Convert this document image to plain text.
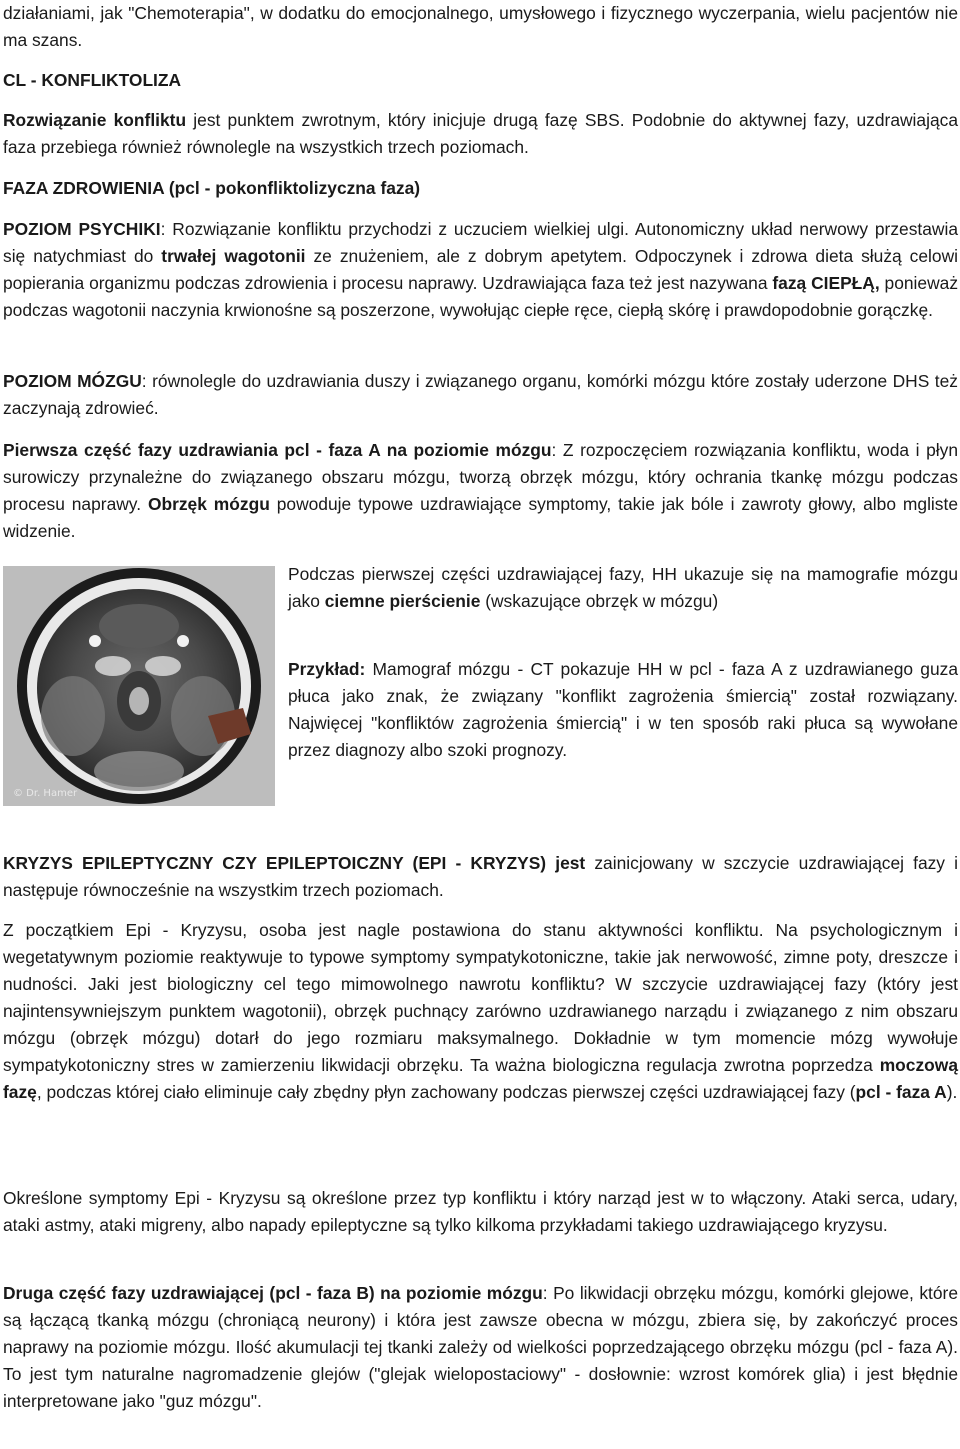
działaniami, jak "Chemoterapia", w dodatku do emocjonalnego, umysłowego i fizycznego wyczerpania, wielu pacjentów nie ma szans.

CL - KONFLIKTOLIZA

Rozwiązanie konfliktu jest punktem zwrotnym, który inicjuje drugą fazę SBS. Podobnie do aktywnej fazy, uzdrawiająca faza przebiega również równolegle na wszystkich trzech poziomach.

FAZA ZDROWIENIA (pcl - pokonfliktolizyczna faza)

POZIOM PSYCHIKI: Rozwiązanie konfliktu przychodzi z uczuciem wielkiej ulgi. Autonomiczny układ nerwowy przestawia się natychmiast do trwałej wagotonii ze znużeniem, ale z dobrym apetytem. Odpoczynek i zdrowa dieta służą celowi popierania organizmu podczas zdrowienia i procesu naprawy. Uzdrawiająca faza też jest nazywana fazą CIEPŁĄ, ponieważ podczas wagotonii naczynia krwionośne są poszerzone, wywołując ciepłe ręce, ciepłą skórę i prawdopodobnie gorączkę.

POZIOM MÓZGU: równolegle do uzdrawiania duszy i związanego organu, komórki mózgu które zostały uderzone DHS też zaczynają zdrowieć.

Pierwsza część fazy uzdrawiania pcl - faza A na poziomie mózgu: Z rozpoczęciem rozwiązania konfliktu, woda i płyn surowiczy przynależne do związanego obszaru mózgu, tworzą obrzęk mózgu, który ochrania tkankę mózgu podczas procesu naprawy. Obrzęk mózgu powoduje typowe uzdrawiające symptomy, takie jak bóle i zawroty głowy, albo mgliste widzenie.

© Dr. Hamer

Podczas pierwszej części uzdrawiającej fazy, HH ukazuje się na mamografie mózgu jako ciemne pierścienie (wskazujące obrzęk w mózgu)

Przykład: Mamograf mózgu - CT pokazuje HH w pcl - faza A z uzdrawianego guza płuca jako znak, że związany "konflikt zagrożenia śmiercią" został rozwiązany. Najwięcej "konfliktów zagrożenia śmiercią" i w ten sposób raki płuca są wywołane przez diagnozy albo szoki prognozy.

KRYZYS EPILEPTYCZNY CZY EPILEPTOICZNY (EPI - KRYZYS) jest zainicjowany w szczycie uzdrawiającej fazy i następuje równocześnie na wszystkim trzech poziomach.

Z początkiem Epi - Kryzysu, osoba jest nagle postawiona do stanu aktywności konfliktu. Na psychologicznym i wegetatywnym poziomie reaktywuje to typowe symptomy sympatykotoniczne, takie jak nerwowość, zimne poty, dreszcze i nudności. Jaki jest biologiczny cel tego mimowolnego nawrotu konfliktu? W szczycie uzdrawiającej fazy (który jest najintensywniejszym punktem wagotonii), obrzęk puchnący zarówno uzdrawianego narządu i związanego z nim obszaru mózgu (obrzęk mózgu) dotarł do jego rozmiaru maksymalnego. Dokładnie w tym momencie mózg wywołuje sympatykotoniczny stres w zamierzeniu likwidacji obrzęku. Ta ważna biologiczna regulacja zwrotna poprzedza moczową fazę, podczas której ciało eliminuje cały zbędny płyn zachowany podczas pierwszej części uzdrawiającej fazy (pcl - faza A).

Określone symptomy Epi - Kryzysu są określone przez typ konfliktu i który narząd jest w to włączony. Ataki serca, udary, ataki astmy, ataki migreny, albo napady epileptyczne są tylko kilkoma przykładami takiego uzdrawiającego kryzysu.

Druga część fazy uzdrawiającej (pcl - faza B) na poziomie mózgu: Po likwidacji obrzęku mózgu, komórki glejowe, które są łączącą tkanką mózgu (chroniącą neurony) i która jest zawsze obecna w mózgu, zbiera się, by zakończyć proces naprawy na poziomie mózgu. Ilość akumulacji tej tkanki zależy od wielkości poprzedzającego obrzęku mózgu (pcl - faza A). To jest tym naturalne nagromadzenie glejów ("glejak wielopostaciowy" - dosłownie: wzrost komórek glia) i jest błędnie interpretowane jako "guz mózgu".
